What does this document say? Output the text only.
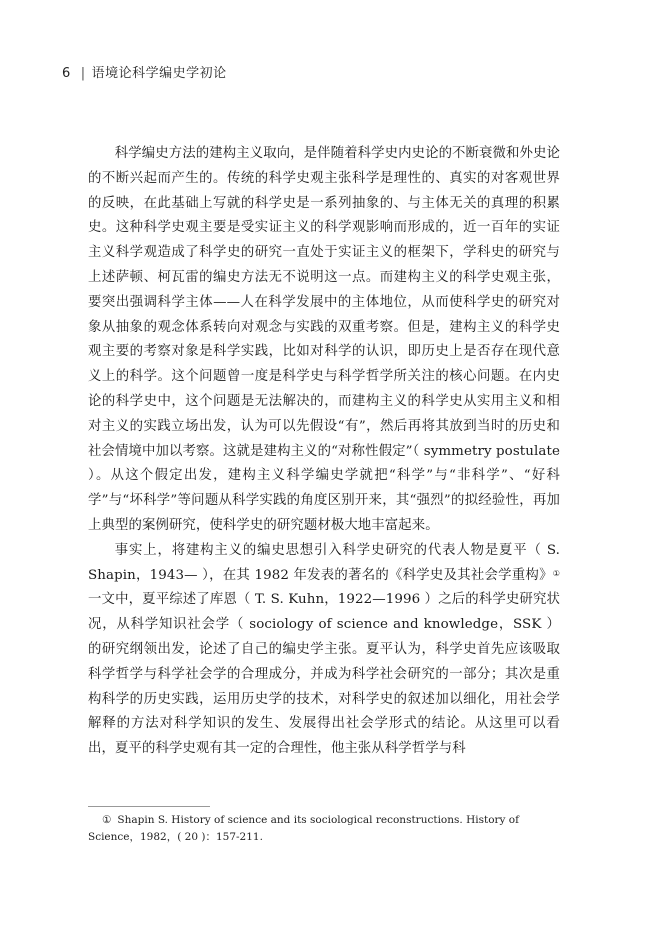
6 | 语境论科学编史学初论

科学编史方法的建构主义取向，是伴随着科学史内史论的不断衰微和外史论的不断兴起而产生的。传统的科学史观主张科学是理性的、真实的对客观世界的反映，在此基础上写就的科学史是一系列抽象的、与主体无关的真理的积累史。这种科学史观主要是受实证主义的科学观影响而形成的，近一百年的实证主义科学观造成了科学史的研究一直处于实证主义的框架下，学科史的研究与上述萨顿、柯瓦雷的编史方法无不说明这一点。而建构主义的科学史观主张，要突出强调科学主体——人在科学发展中的主体地位，从而使科学史的研究对象从抽象的观念体系转向对观念与实践的双重考察。但是，建构主义的科学史观主要的考察对象是科学实践，比如对科学的认识，即历史上是否存在现代意义上的科学。这个问题曾一度是科学史与科学哲学所关注的核心问题。在内史论的科学史中，这个问题是无法解决的，而建构主义的科学史从实用主义和相对主义的实践立场出发，认为可以先假设“有”，然后再将其放到当时的历史和社会情境中加以考察。这就是建构主义的“对称性假定”（ symmetry postulate ）。从这个假定出发，建构主义科学编史学就把“科学”与“非科学”、“好科学”与“坏科学”等问题从科学实践的角度区别开来，其“强烈”的拟经验性，再加上典型的案例研究，使科学史的研究题材极大地丰富起来。

事实上，将建构主义的编史思想引入科学史研究的代表人物是夏平（ S. Shapin，1943— ），在其 1982 年发表的著名的《科学史及其社会学重构》①一文中，夏平综述了库恩（ T. S. Kuhn，1922—1996 ）之后的科学史研究状况，从科学知识社会学（ sociology of science and knowledge，SSK ）的研究纲领出发，论述了自己的编史学主张。夏平认为，科学史首先应该吸取科学哲学与科学社会学的合理成分，并成为科学社会研究的一部分；其次是重构科学的历史实践，运用历史学的技术，对科学史的叙述加以细化，用社会学解释的方法对科学知识的发生、发展得出社会学形式的结论。从这里可以看出，夏平的科学史观有其一定的合理性，他主张从科学哲学与科

① Shapin S. History of science and its sociological reconstructions. History of Science，1982，( 20 )：157-211.
